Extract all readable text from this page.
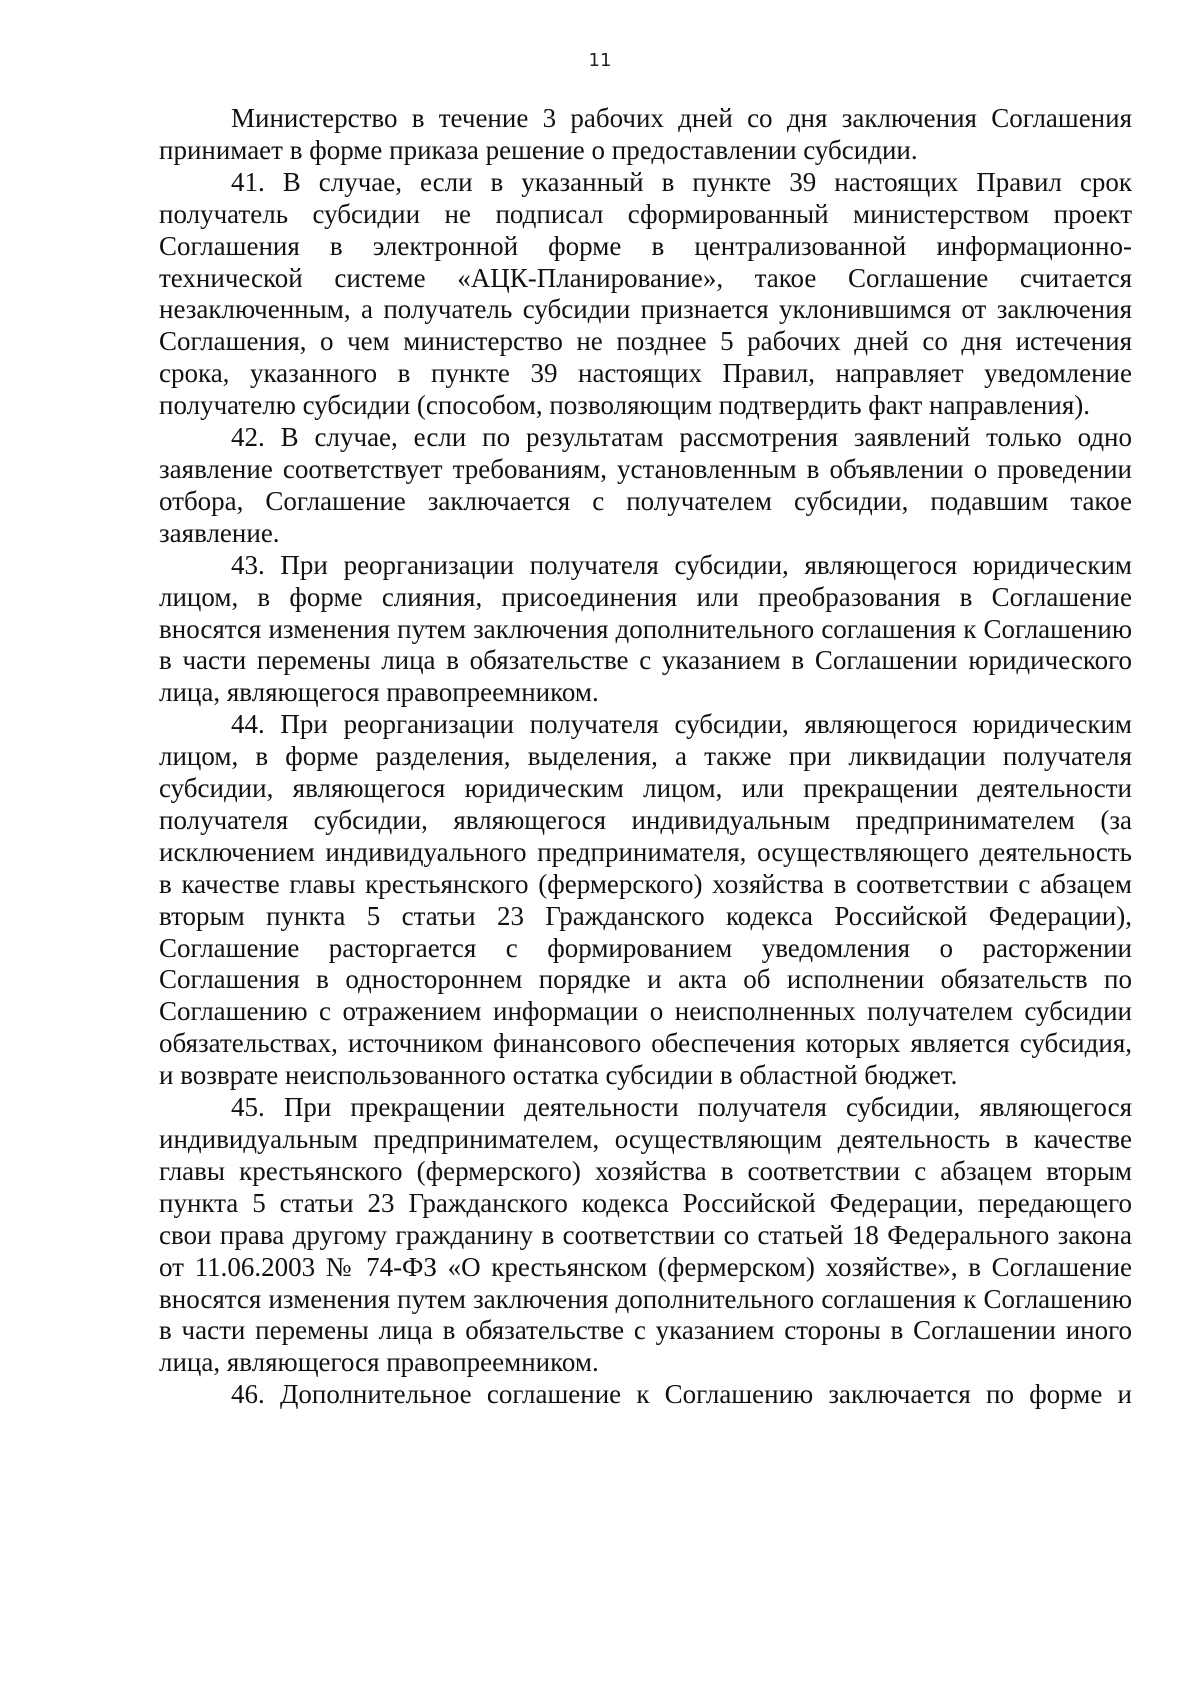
11

Министерство в течение 3 рабочих дней со дня заключения Соглашения принимает в форме приказа решение о предоставлении субсидии.

41. В случае, если в указанный в пункте 39 настоящих Правил срок получатель субсидии не подписал сформированный министерством проект Соглашения в электронной форме в централизованной информационно-технической системе «АЦК-Планирование», такое Соглашение считается незаключенным, а получатель субсидии признается уклонившимся от заключения Соглашения, о чем министерство не позднее 5 рабочих дней со дня истечения срока, указанного в пункте 39 настоящих Правил, направляет уведомление получателю субсидии (способом, позволяющим подтвердить факт направления).

42. В случае, если по результатам рассмотрения заявлений только одно заявление соответствует требованиям, установленным в объявлении о проведении отбора, Соглашение заключается с получателем субсидии, подавшим такое заявление.

43. При реорганизации получателя субсидии, являющегося юридическим лицом, в форме слияния, присоединения или преобразования в Соглашение вносятся изменения путем заключения дополнительного соглашения к Соглашению в части перемены лица в обязательстве с указанием в Соглашении юридического лица, являющегося правопреемником.

44. При реорганизации получателя субсидии, являющегося юридическим лицом, в форме разделения, выделения, а также при ликвидации получателя субсидии, являющегося юридическим лицом, или прекращении деятельности получателя субсидии, являющегося индивидуальным предпринимателем (за исключением индивидуального предпринимателя, осуществляющего деятельность в качестве главы крестьянского (фермерского) хозяйства в соответствии с абзацем вторым пункта 5 статьи 23 Гражданского кодекса Российской Федерации), Соглашение расторгается с формированием уведомления о расторжении Соглашения в одностороннем порядке и акта об исполнении обязательств по Соглашению с отражением информации о неисполненных получателем субсидии обязательствах, источником финансового обеспечения которых является субсидия, и возврате неиспользованного остатка субсидии в областной бюджет.

45. При прекращении деятельности получателя субсидии, являющегося индивидуальным предпринимателем, осуществляющим деятельность в качестве главы крестьянского (фермерского) хозяйства в соответствии с абзацем вторым пункта 5 статьи 23 Гражданского кодекса Российской Федерации, передающего свои права другому гражданину в соответствии со статьей 18 Федерального закона от 11.06.2003 № 74-ФЗ «О крестьянском (фермерском) хозяйстве», в Соглашение вносятся изменения путем заключения дополнительного соглашения к Соглашению в части перемены лица в обязательстве с указанием стороны в Соглашении иного лица, являющегося правопреемником.

46. Дополнительное соглашение к Соглашению заключается по форме и
